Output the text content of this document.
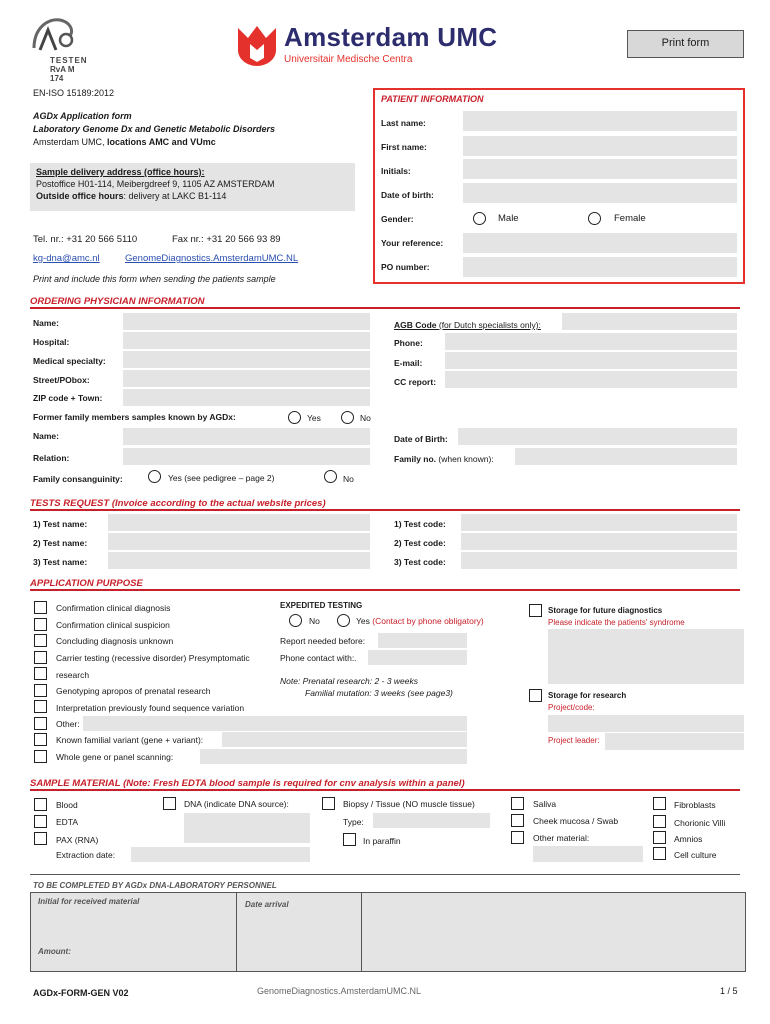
TESTEN
RvA M 174
Amsterdam UMC
Universitair Medische Centra
Print form
EN-ISO 15189:2012
AGDx Application form
Laboratory Genome Dx and Genetic Metabolic Disorders
Amsterdam UMC, locations AMC and VUmc
Sample delivery address (office hours):
Postoffice H01-114, Meibergdreef 9, 1105 AZ AMSTERDAM
Outside office hours: delivery at LAKC B1-114
Tel. nr.: +31 20 566 5110	Fax nr.: +31 20 566 93 89
kg-dna@amc.nl	GenomeDiagnostics.AmsterdamUMC.NL
Print and include this form when sending the patients sample
PATIENT INFORMATION
Last name:
First name:
Initials:
Date of birth:
Gender:	Male	Female
Your reference:
PO number:
ORDERING PHYSICIAN INFORMATION
Name:
Hospital:
Medical specialty:
Street/PObox:
ZIP code + Town:
AGB Code (for Dutch specialists only):
Phone:
E-mail:
CC report:
Former family members samples known by AGDx:	Yes	No
Name:	Date of Birth:
Relation:	Family no. (when known):
Family consanguinity:	Yes (see pedigree – page 2)	No
TESTS REQUEST (Invoice according to the actual website prices)
1) Test name:
2) Test name:
3) Test name:
1) Test code:
2) Test code:
3) Test code:
APPLICATION PURPOSE
Confirmation clinical diagnosis
Confirmation clinical suspicion
Concluding diagnosis unknown
Carrier testing (recessive disorder) Presymptomatic
research
Genotyping apropos of prenatal research
Interpretation previously found sequence variation
Other:
Known familial variant (gene + variant):
Whole gene or panel scanning:
EXPEDITED TESTING
No	Yes (Contact by phone obligatory)
Report needed before:
Phone contact with:.
Note: Prenatal research: 2 - 3 weeks
Familial mutation: 3 weeks (see page3)
Storage for future diagnostics
Please indicate the patients' syndrome
Storage for research
Project/code:
Project leader:
SAMPLE MATERIAL (Note: Fresh EDTA blood sample is required for cnv analysis within a panel)
Blood
EDTA
PAX (RNA)
Extraction date:
DNA (indicate DNA source):	Biopsy / Tissue (NO muscle tissue)
Type:
In paraffin
Saliva
Cheek mucosa / Swab
Other material:
Fibroblasts
Chorionic Villi
Amnios
Cell culture
TO BE COMPLETED BY AGDx DNA-LABORATORY PERSONNEL
Initial for received material	Date arrival
Amount:
AGDx-FORM-GEN V02	GenomeDiagnostics.AmsterdamUMC.NL	1 / 5
